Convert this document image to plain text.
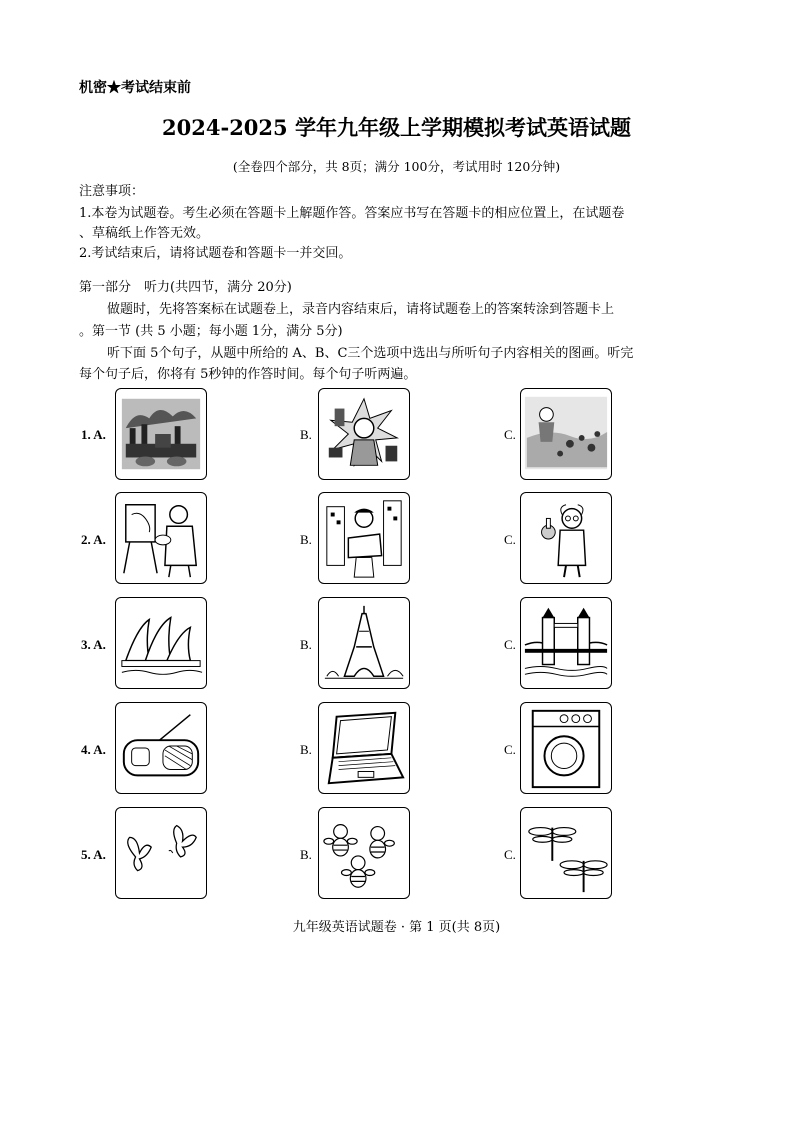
机密★考试结束前
2024-2025 学年九年级上学期模拟考试英语试题
(全卷四个部分，共 8页；满分 100分，考试用时 120分钟)
注意事项：
1.本卷为试题卷。考生必须在答题卡上解题作答。答案应书写在答题卡的相应位置上，在试题卷
、草稿纸上作答无效。
2.考试结束后，请将试题卷和答题卡一并交回。
第一部分　听力(共四节，满分 20分)
做题时，先将答案标在试题卷上，录音内容结束后，请将试题卷上的答案转涂到答题卡上
。第一节 (共 5 小题；每小题 1分，满分 5分)
听下面 5个句子，从题中所给的 A、B、C三个选项中选出与所听句子内容相关的图画。听完
每个句子后，你将有 5秒钟的作答时间。每个句子听两遍。
1. A.	B.	C.
2. A.	B.	C.
3. A.	B.	C.
4. A.	B.	C.
5. A.	B.	C.
九年级英语试题卷 · 第 1 页(共 8页)
